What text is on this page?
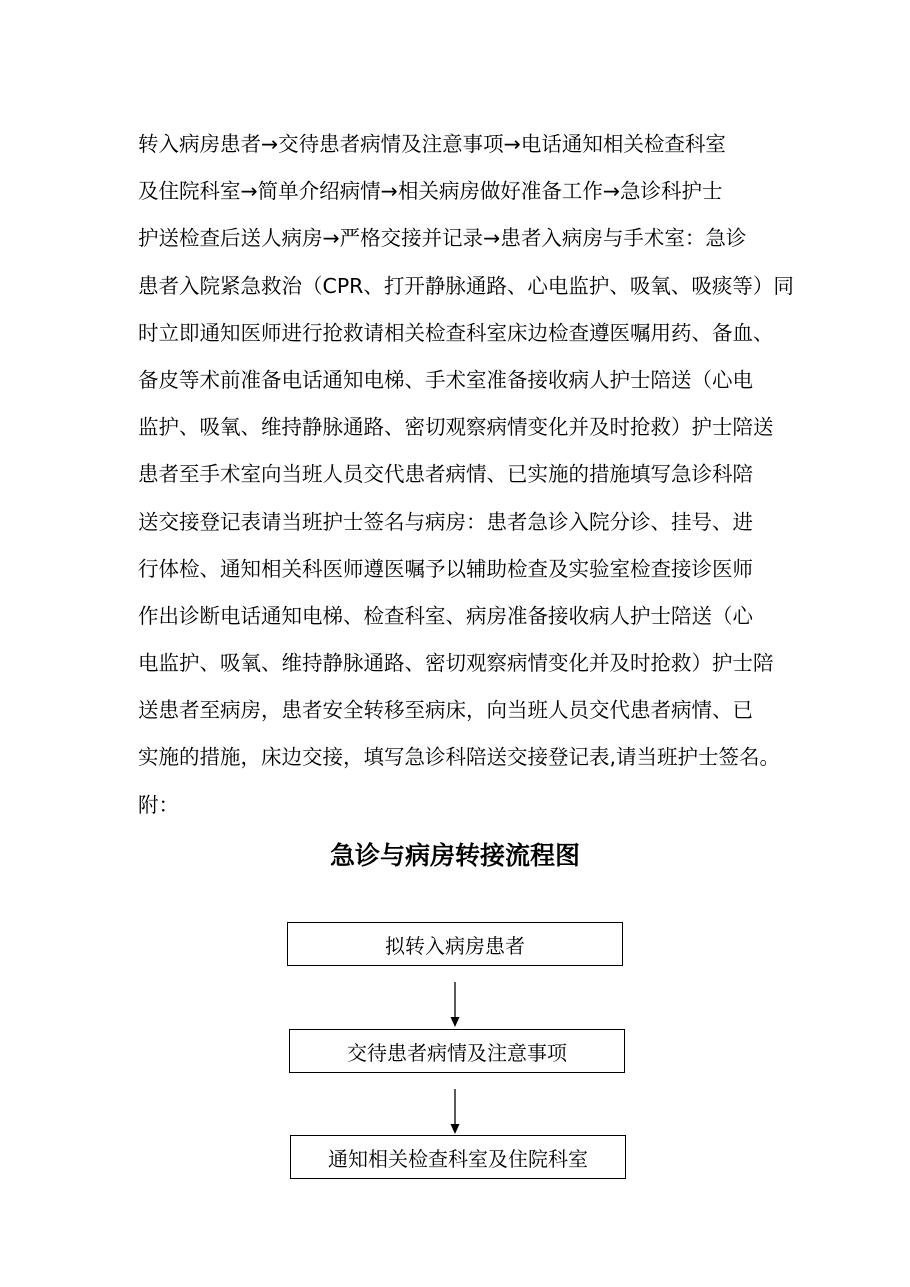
转入病房患者→交待患者病情及注意事项→电话通知相关检查科室

及住院科室→简单介绍病情→相关病房做好准备工作→急诊科护士

护送检查后送人病房→严格交接并记录→患者入病房与手术室：急诊

患者入院紧急救治（CPR、打开静脉通路、心电监护、吸氧、吸痰等）同

时立即通知医师进行抢救请相关检查科室床边检查遵医嘱用药、备血、

备皮等术前准备电话通知电梯、手术室准备接收病人护士陪送（心电

监护、吸氧、维持静脉通路、密切观察病情变化并及时抢救）护士陪送

患者至手术室向当班人员交代患者病情、已实施的措施填写急诊科陪

送交接登记表请当班护士签名与病房：患者急诊入院分诊、挂号、进

行体检、通知相关科医师遵医嘱予以辅助检查及实验室检查接诊医师

作出诊断电话通知电梯、检查科室、病房准备接收病人护士陪送（心

电监护、吸氧、维持静脉通路、密切观察病情变化并及时抢救）护士陪

送患者至病房，患者安全转移至病床，向当班人员交代患者病情、已

实施的措施，床边交接，填写急诊科陪送交接登记表,请当班护士签名。

附：

急诊与病房转接流程图
拟转入病房患者
交待患者病情及注意事项
通知相关检查科室及住院科室
